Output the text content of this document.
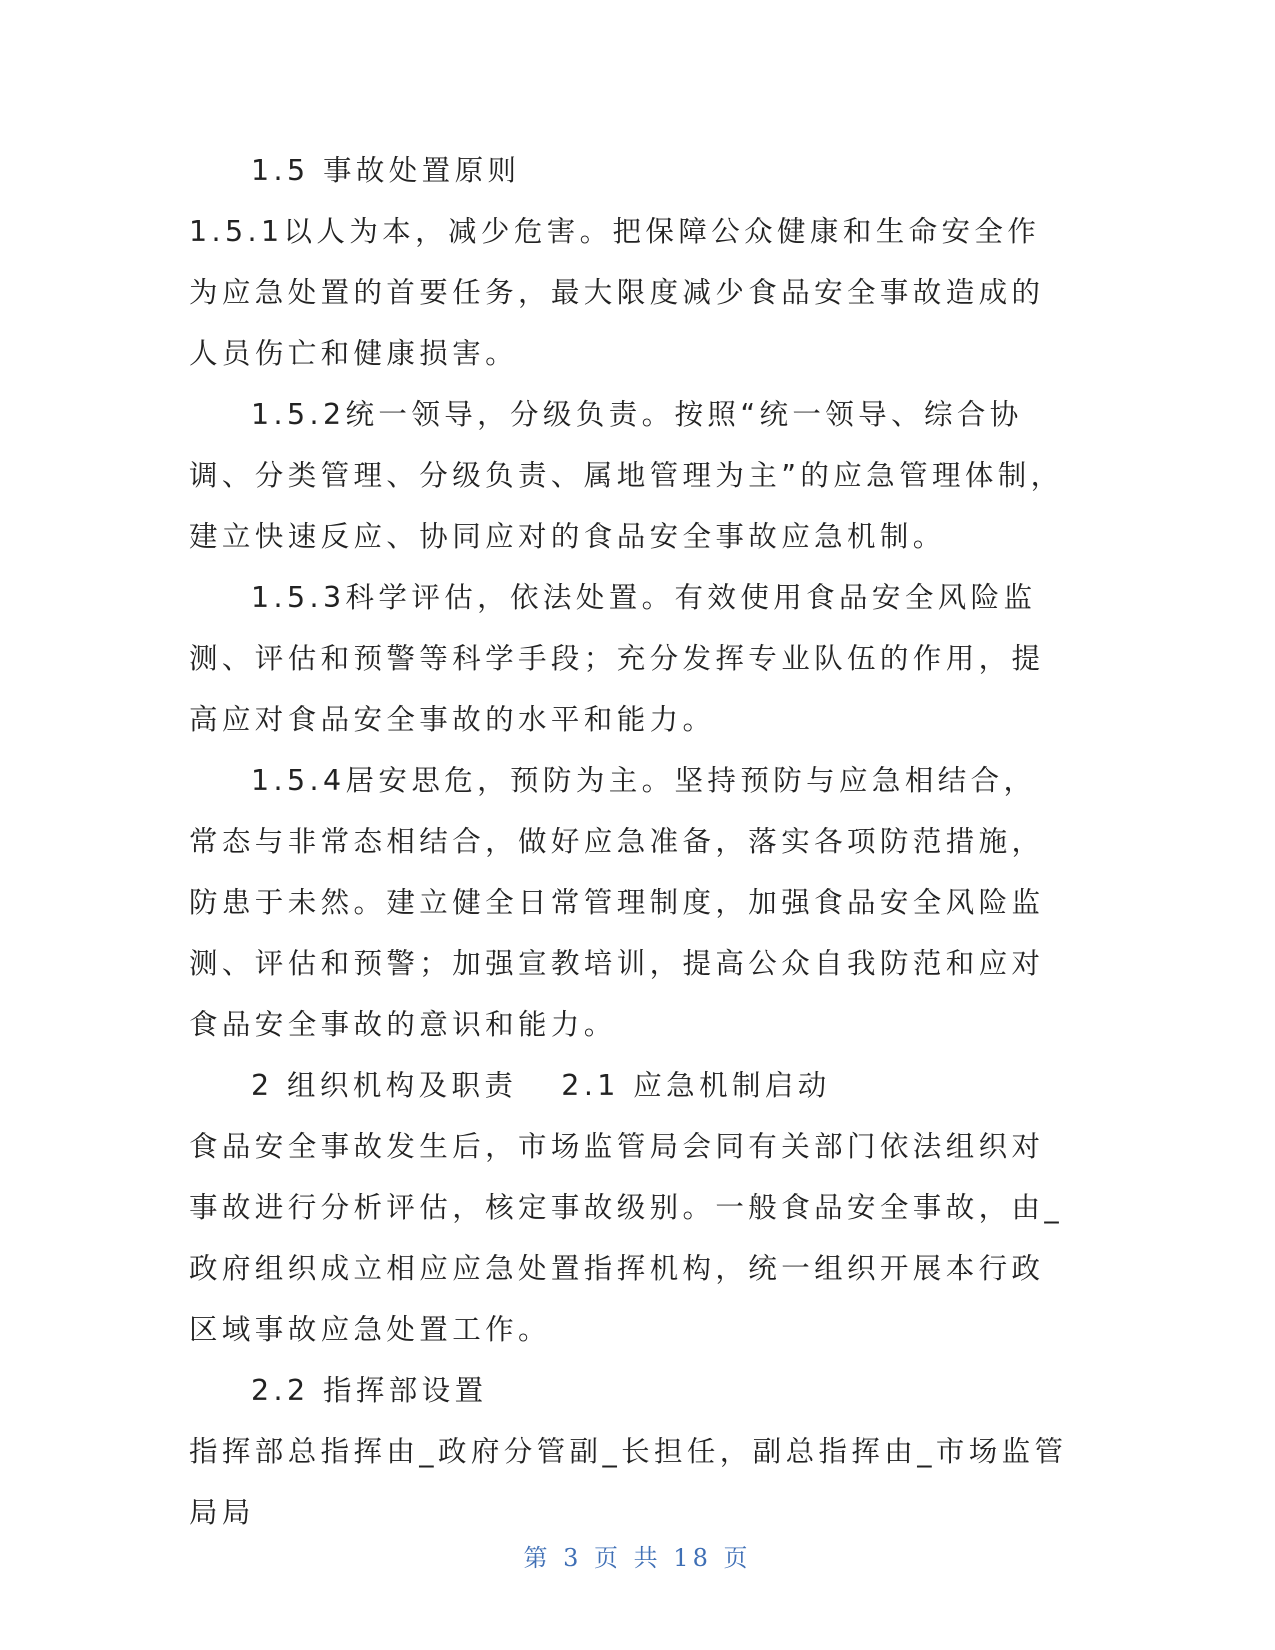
1.5 事故处置原则

1.5.1以人为本，减少危害。把保障公众健康和生命安全作为应急处置的首要任务，最大限度减少食品安全事故造成的人员伤亡和健康损害。

1.5.2统一领导，分级负责。按照“统一领导、综合协调、分类管理、分级负责、属地管理为主”的应急管理体制，建立快速反应、协同应对的食品安全事故应急机制。

1.5.3科学评估，依法处置。有效使用食品安全风险监测、评估和预警等科学手段；充分发挥专业队伍的作用，提高应对食品安全事故的水平和能力。

1.5.4居安思危，预防为主。坚持预防与应急相结合，常态与非常态相结合，做好应急准备，落实各项防范措施，防患于未然。建立健全日常管理制度，加强食品安全风险监测、评估和预警；加强宣教培训，提高公众自我防范和应对食品安全事故的意识和能力。

2 组织机构及职责 2.1 应急机制启动

食品安全事故发生后，市场监管局会同有关部门依法组织对事故进行分析评估，核定事故级别。一般食品安全事故，由_政府组织成立相应应急处置指挥机构，统一组织开展本行政区域事故应急处置工作。

2.2 指挥部设置

指挥部总指挥由_政府分管副_长担任，副总指挥由_市场监管局局

第 3 页 共 18 页
